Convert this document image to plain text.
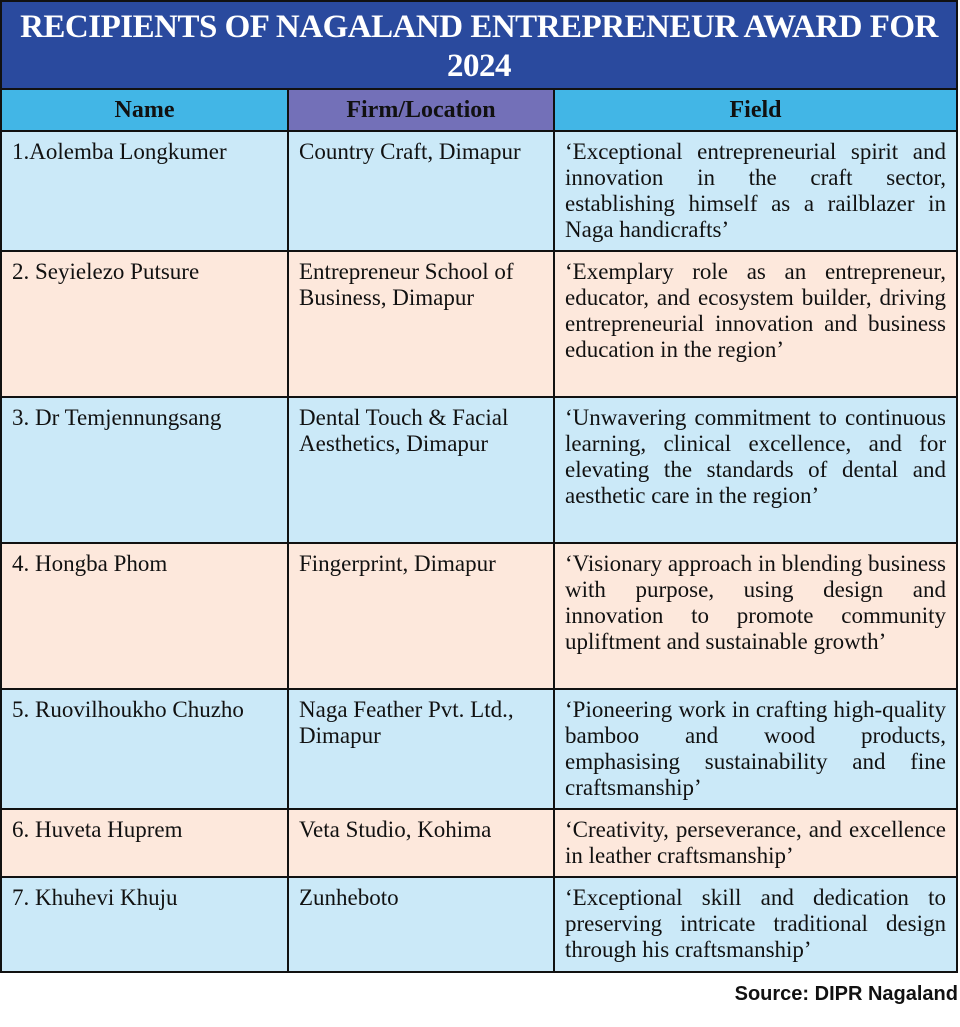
RECIPIENTS OF NAGALAND ENTREPRENEUR AWARD FOR 2024
Name	Firm/Location	Field
1.Aolemba Longkumer	Country Craft, Dimapur	‘Exceptional entrepreneurial spirit and innovation in the craft sector, establishing himself as a railblazer in Naga handicrafts’
2. Seyielezo Putsure	Entrepreneur School of Business, Dimapur	‘Exemplary role as an entrepreneur, educator, and ecosystem builder, driving entrepreneurial innovation and business education in the region’
3. Dr Temjennungsang	Dental Touch & Facial Aesthetics, Dimapur	‘Unwavering commitment to continuous learning, clinical excellence, and for elevating the standards of dental and aesthetic care in the region’
4. Hongba Phom	Fingerprint, Dimapur	‘Visionary approach in blending business with purpose, using design and innovation to promote community upliftment and sustainable growth’
5. Ruovilhoukho Chuzho	Naga Feather Pvt. Ltd., Dimapur	‘Pioneering work in crafting high-quality bamboo and wood products, emphasising sustainability and fine craftsmanship’
6. Huveta Huprem	Veta Studio, Kohima	‘Creativity, perseverance, and excellence in leather craftsmanship’
7. Khuhevi Khuju	Zunheboto	‘Exceptional skill and dedication to preserving intricate traditional design through his craftsmanship’
Source: DIPR Nagaland
